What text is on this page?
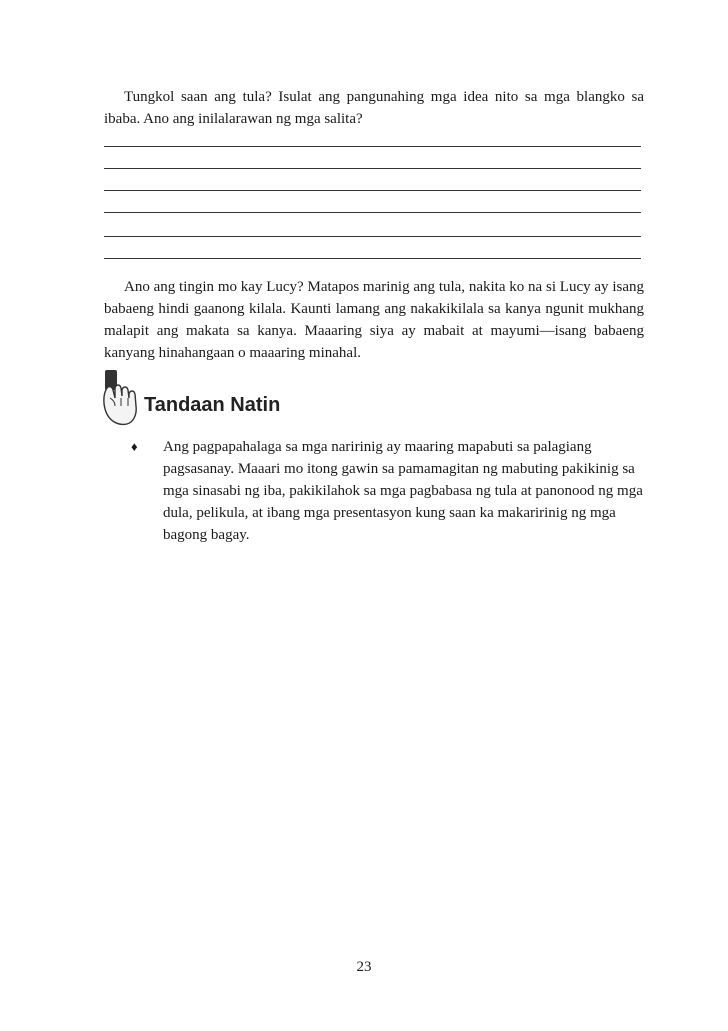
Tungkol saan ang tula? Isulat ang pangunahing mga idea nito sa mga blangko sa ibaba. Ano ang inilalarawan ng mga salita?

Ano ang tingin mo kay Lucy? Matapos marinig ang tula, nakita ko na si Lucy ay isang babaeng hindi gaanong kilala. Kaunti lamang ang nakakikilala sa kanya ngunit mukhang malapit ang makata sa kanya. Maaaring siya ay mabait at mayumi—isang babaeng kanyang hinahangaan o maaaring minahal.

Tandaan Natin
♦ Ang pagpapahalaga sa mga naririnig ay maaring mapabuti sa palagiang pagsasanay. Maaari mo itong gawin sa pamamagitan ng mabuting pakikinig sa mga sinasabi ng iba, pakikilahok sa mga pagbabasa ng tula at panonood ng mga dula, pelikula, at ibang mga presentasyon kung saan ka makaririnig ng mga bagong bagay.

23
